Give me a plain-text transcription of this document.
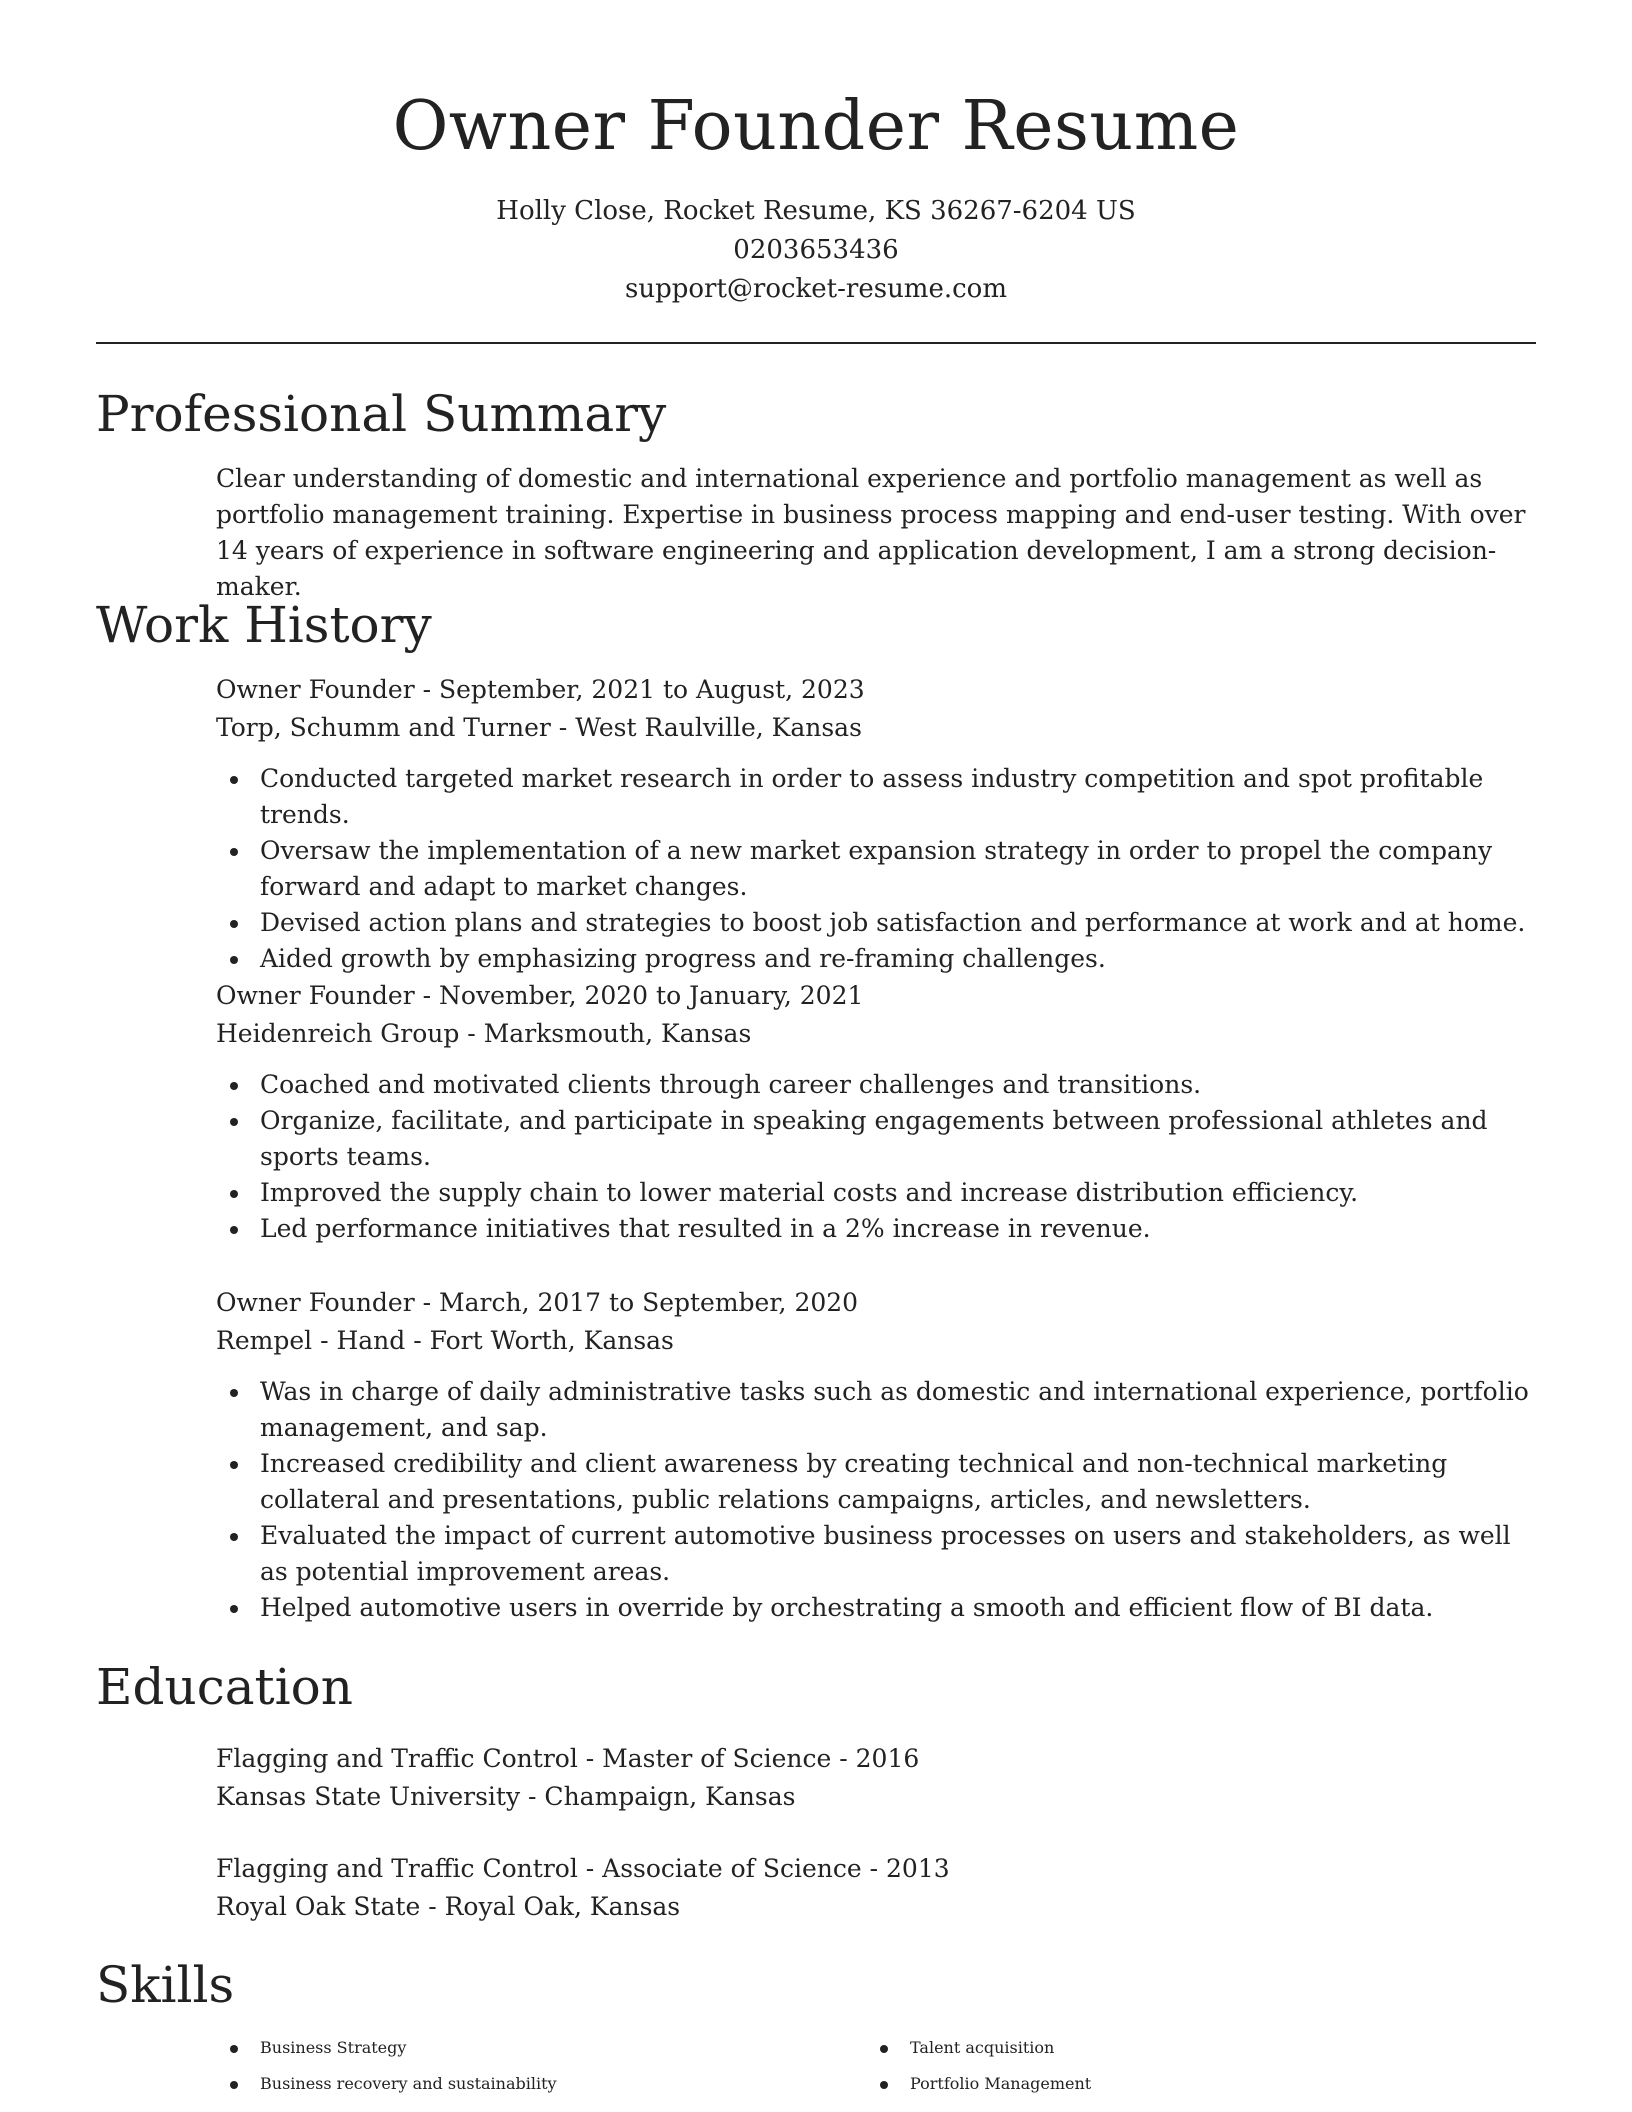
Owner Founder Resume
Holly Close, Rocket Resume, KS 36267-6204 US
0203653436
support@rocket-resume.com
Professional Summary
Clear understanding of domestic and international experience and portfolio management as well as portfolio management training. Expertise in business process mapping and end-user testing. With over 14 years of experience in software engineering and application development, I am a strong decision-maker.
Work History
Owner Founder - September, 2021 to August, 2023
Torp, Schumm and Turner - West Raulville, Kansas
Conducted targeted market research in order to assess industry competition and spot profitable trends.
Oversaw the implementation of a new market expansion strategy in order to propel the company forward and adapt to market changes.
Devised action plans and strategies to boost job satisfaction and performance at work and at home.
Aided growth by emphasizing progress and re-framing challenges.
Owner Founder - November, 2020 to January, 2021
Heidenreich Group - Marksmouth, Kansas
Coached and motivated clients through career challenges and transitions.
Organize, facilitate, and participate in speaking engagements between professional athletes and sports teams.
Improved the supply chain to lower material costs and increase distribution efficiency.
Led performance initiatives that resulted in a 2% increase in revenue.
Owner Founder - March, 2017 to September, 2020
Rempel - Hand - Fort Worth, Kansas
Was in charge of daily administrative tasks such as domestic and international experience, portfolio management, and sap.
Increased credibility and client awareness by creating technical and non-technical marketing collateral and presentations, public relations campaigns, articles, and newsletters.
Evaluated the impact of current automotive business processes on users and stakeholders, as well as potential improvement areas.
Helped automotive users in override by orchestrating a smooth and efficient flow of BI data.
Education
Flagging and Traffic Control - Master of Science - 2016
Kansas State University - Champaign, Kansas
Flagging and Traffic Control - Associate of Science - 2013
Royal Oak State - Royal Oak, Kansas
Skills
Business Strategy
Business recovery and sustainability
Talent acquisition
Portfolio Management
